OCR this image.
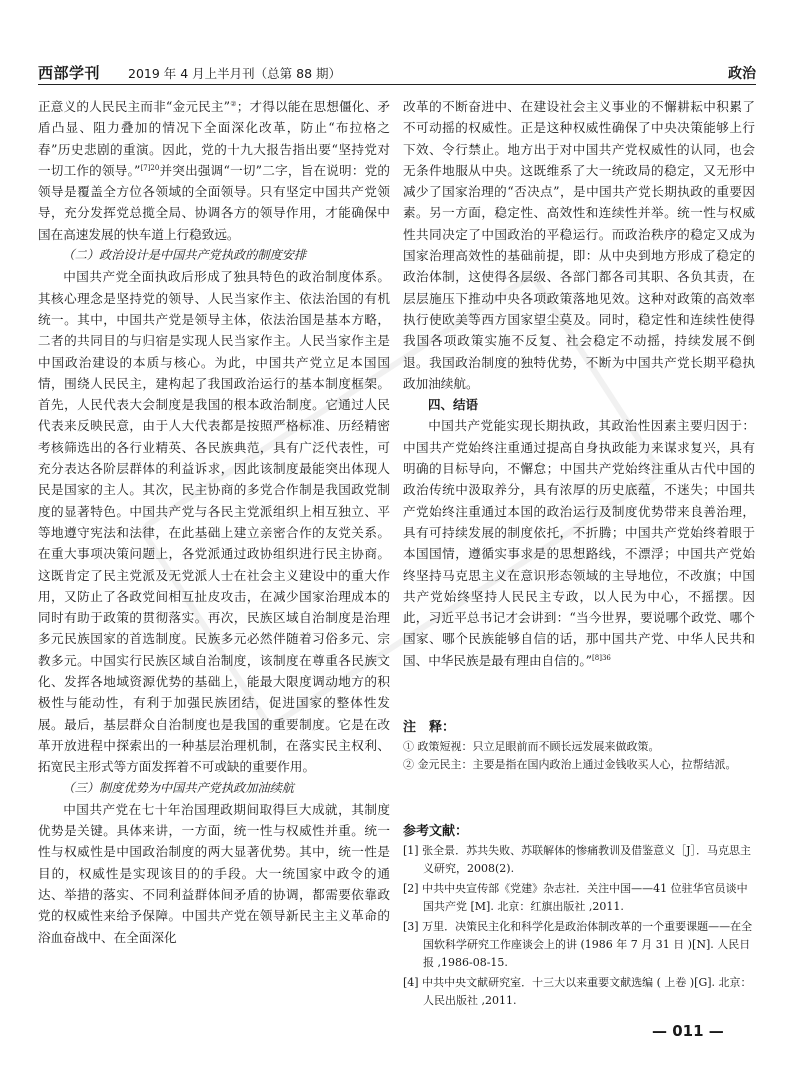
西部学刊 2019 年 4 月上半月刊（总第 88 期）	政治

正意义的人民民主而非“金元民主”②；才得以能在思想僵化、矛盾凸显、阻力叠加的情况下全面深化改革，防止“布拉格之春”历史悲剧的重演。因此，党的十九大报告指出要“坚持党对一切工作的领导。”$^{[7]20}$并突出强调“一切”二字，旨在说明：党的领导是覆盖全方位各领域的全面领导。只有坚定中国共产党领导，充分发挥党总揽全局、协调各方的领导作用，才能确保中国在高速发展的快车道上行稳致远。

（二）政治设计是中国共产党执政的制度安排

中国共产党全面执政后形成了独具特色的政治制度体系。其核心理念是坚持党的领导、人民当家作主、依法治国的有机统一。其中，中国共产党是领导主体，依法治国是基本方略，二者的共同目的与归宿是实现人民当家作主。人民当家作主是中国政治建设的本质与核心。为此，中国共产党立足本国国情，围绕人民民主，建构起了我国政治运行的基本制度框架。首先，人民代表大会制度是我国的根本政治制度。它通过人民代表来反映民意，由于人大代表都是按照严格标准、历经精密考核筛选出的各行业精英、各民族典范，具有广泛代表性，可充分表达各阶层群体的利益诉求，因此该制度最能突出体现人民是国家的主人。其次，民主协商的多党合作制是我国政党制度的显著特色。中国共产党与各民主党派组织上相互独立、平等地遵守宪法和法律，在此基础上建立亲密合作的友党关系。在重大事项决策问题上，各党派通过政协组织进行民主协商。这既肯定了民主党派及无党派人士在社会主义建设中的重大作用，又防止了各政党间相互扯皮攻击，在减少国家治理成本的同时有助于政策的贯彻落实。再次，民族区域自治制度是治理多元民族国家的首选制度。民族多元必然伴随着习俗多元、宗教多元。中国实行民族区域自治制度，该制度在尊重各民族文化、发挥各地域资源优势的基础上，能最大限度调动地方的积极性与能动性，有利于加强民族团结，促进国家的整体性发展。最后，基层群众自治制度也是我国的重要制度。它是在改革开放进程中探索出的一种基层治理机制，在落实民主权利、拓宽民主形式等方面发挥着不可或缺的重要作用。

（三）制度优势为中国共产党执政加油续航

中国共产党在七十年治国理政期间取得巨大成就，其制度优势是关键。具体来讲，一方面，统一性与权威性并重。统一性与权威性是中国政治制度的两大显著优势。其中，统一性是目的，权威性是实现该目的的手段。大一统国家中政令的通达、举措的落实、不同利益群体间矛盾的协调，都需要依靠政党的权威性来给予保障。中国共产党在领导新民主主义革命的浴血奋战中、在全面深化

改革的不断奋进中、在建设社会主义事业的不懈耕耘中积累了不可动摇的权威性。正是这种权威性确保了中央决策能够上行下效、令行禁止。地方出于对中国共产党权威性的认同，也会无条件地服从中央。这既维系了大一统政局的稳定，又无形中减少了国家治理的“否决点”，是中国共产党长期执政的重要因素。另一方面，稳定性、高效性和连续性并举。统一性与权威性共同决定了中国政治的平稳运行。而政治秩序的稳定又成为国家治理高效性的基础前提，即：从中央到地方形成了稳定的政治体制，这使得各层级、各部门都各司其职、各负其责，在层层施压下推动中央各项政策落地见效。这种对政策的高效率执行使欧美等西方国家望尘莫及。同时，稳定性和连续性使得我国各项政策实施不反复、社会稳定不动摇，持续发展不倒退。我国政治制度的独特优势，不断为中国共产党长期平稳执政加油续航。

四、结语

中国共产党能实现长期执政，其政治性因素主要归因于：中国共产党始终注重通过提高自身执政能力来谋求复兴，具有明确的目标导向，不懈怠；中国共产党始终注重从古代中国的政治传统中汲取养分，具有浓厚的历史底蕴，不迷失；中国共产党始终注重通过本国的政治运行及制度优势带来良善治理，具有可持续发展的制度依托，不折腾；中国共产党始终着眼于本国国情，遵循实事求是的思想路线，不漂浮；中国共产党始终坚持马克思主义在意识形态领域的主导地位，不改旗；中国共产党始终坚持人民民主专政，以人民为中心，不摇摆。因此，习近平总书记才会讲到：“当今世界，要说哪个政党、哪个国家、哪个民族能够自信的话，那中国共产党、中华人民共和国、中华民族是最有理由自信的。”$^{[8]36}$

注　释：
① 政策短视：只立足眼前而不顾长远发展来做政策。
② 金元民主：主要是指在国内政治上通过金钱收买人心，拉帮结派。
参考文献：
[1] 张全景．苏共失败、苏联解体的惨痛教训及借鉴意义［J］．马克思主义研究，2008(2).
[2] 中共中央宣传部《党建》杂志社．关注中国——41 位驻华官员谈中国共产党 [M]. 北京：红旗出版社 ,2011.
[3] 万里．决策民主化和科学化是政治体制改革的一个重要课题——在全国软科学研究工作座谈会上的讲 (1986 年 7 月 31 日 )[N]. 人民日报 ,1986-08-15.
[4] 中共中央文献研究室．十三大以来重要文献选编 ( 上卷 )[G]. 北京：人民出版社 ,2011.
— 011 —
